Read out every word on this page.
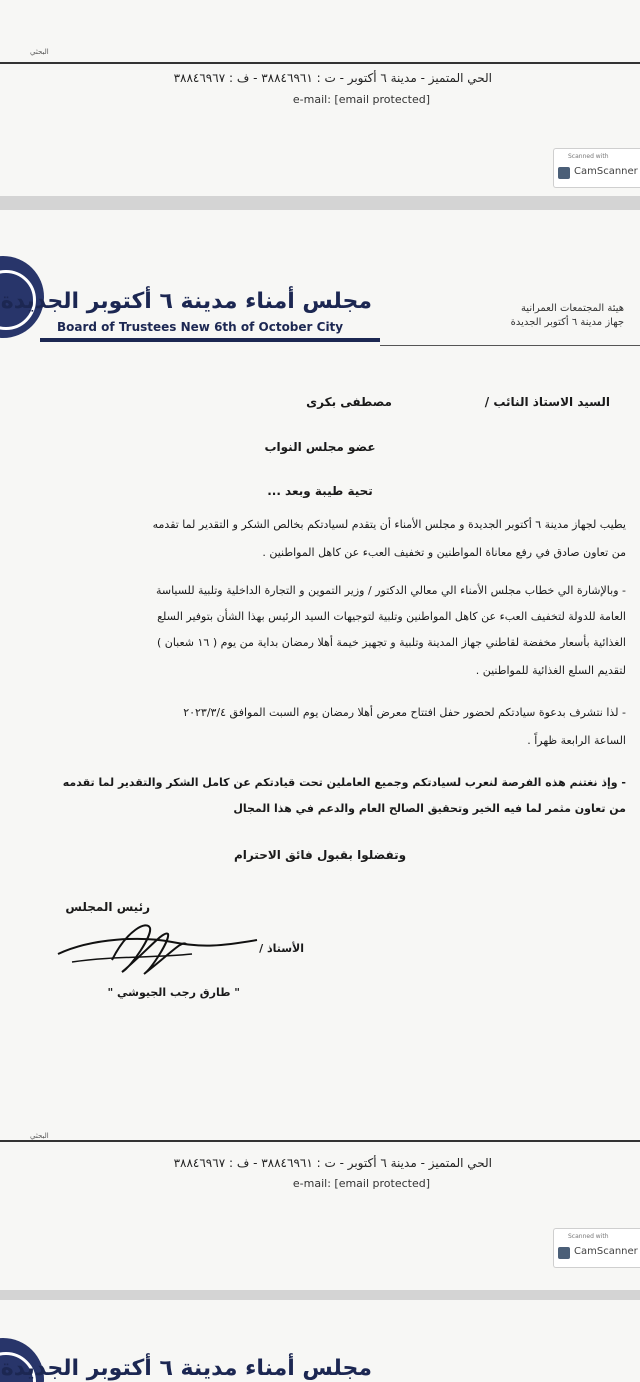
البحثي
الحي المتميز - مدينة ٦ أكتوبر - ت : ٣٨٨٤٦٩٦١ - ف : ٣٨٨٤٦٩٦٧
e-mail: [email protected]
Scanned with
CamScanner
مجلس أمناء مدينة ٦ أكتوبر الجديدة
Board of Trustees New 6th of October City
هيئة المجتمعات العمرانية
جهاز مدينة ٦ أكتوبر الجديدة
السيد الاستاذ النائب /
مصطفى بكرى
عضو مجلس النواب
تحية طيبة وبعد ...
يطيب لجهاز مدينة ٦ أكتوبر الجديدة و مجلس الأمناء أن يتقدم لسيادتكم بخالص الشكر و التقدير لما تقدمه
من تعاون صادق في رفع معاناة المواطنين و تخفيف العبء عن كاهل المواطنين .
- وبالإشارة الي خطاب مجلس الأمناء الي معالي الدكتور / وزير التموين و التجارة الداخلية وتلبية للسياسة
العامة للدولة لتخفيف العبء عن كاهل المواطنين وتلبية لتوجيهات السيد الرئيس بهذا الشأن بتوفير السلع
الغذائية بأسعار مخفضة لقاطني جهاز المدينة وتلبية و تجهيز خيمة أهلا رمضان بداية من يوم ( ١٦ شعبان )
لتقديم السلع الغذائية للمواطنين .
- لذا نتشرف بدعوة سيادتكم لحضور حفل افتتاح معرض أهلا رمضان يوم السبت الموافق ٢٠٢٣/٣/٤
الساعة الرابعة ظهراً .
- وإذ نغتنم هذه الفرصة لنعرب لسيادتكم وجميع العاملين تحت قيادتكم عن كامل الشكر والتقدير لما تقدمه
من تعاون مثمر لما فيه الخير وتحقيق الصالح العام والدعم في هذا المجال
وتفضلوا بقبول فائق الاحترام
رئيس المجلس
الأستاذ /
" طارق رجب الجيوشي "
البحثي
الحي المتميز - مدينة ٦ أكتوبر - ت : ٣٨٨٤٦٩٦١ - ف : ٣٨٨٤٦٩٦٧
e-mail: [email protected]
Scanned with
CamScanner
مجلس أمناء مدينة ٦ أكتوبر الجديدة
